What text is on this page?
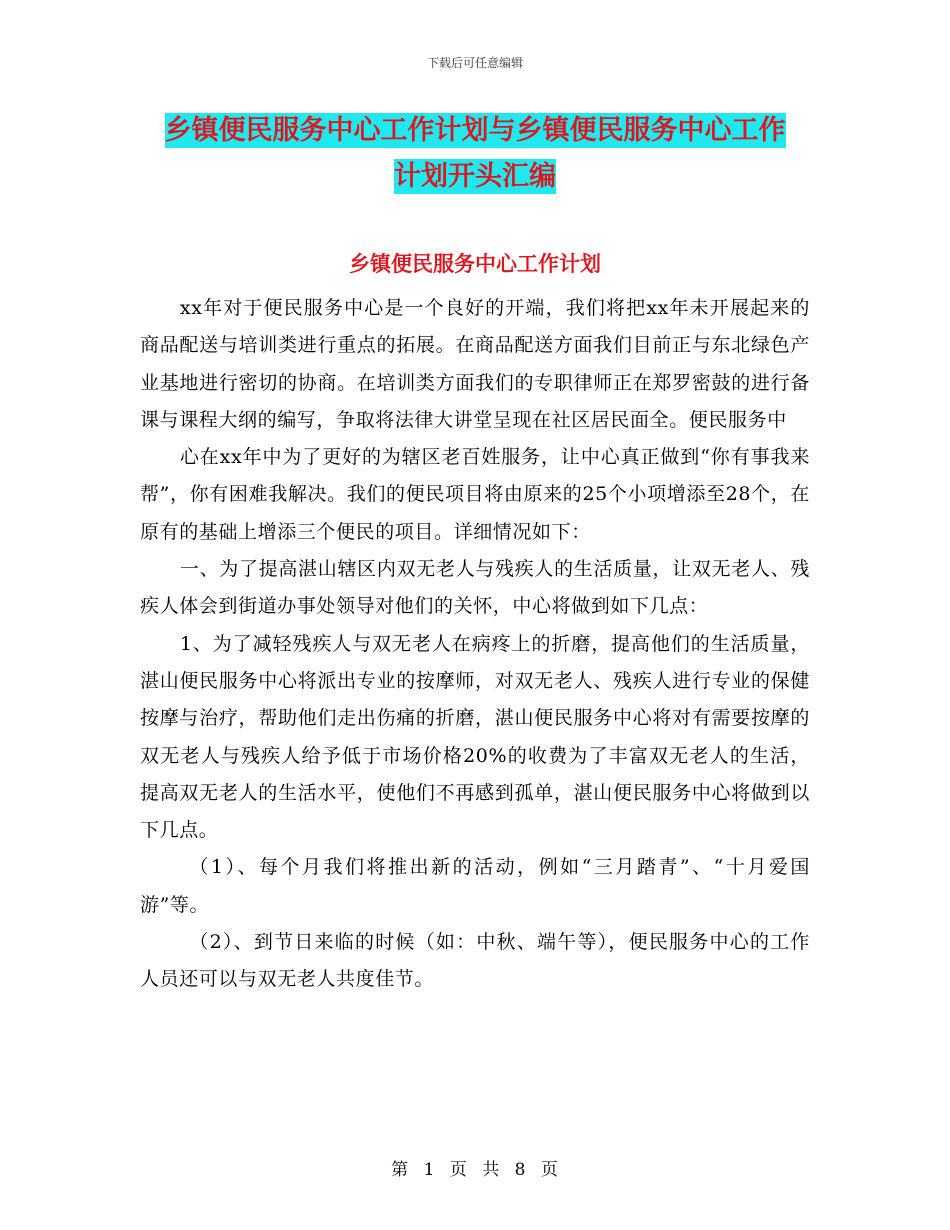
下载后可任意编辑
乡镇便民服务中心工作计划与乡镇便民服务中心工作
计划开头汇编
乡镇便民服务中心工作计划

xx年对于便民服务中心是一个良好的开端，我们将把xx年未开展起来的商品配送与培训类进行重点的拓展。在商品配送方面我们目前正与东北绿色产业基地进行密切的协商。在培训类方面我们的专职律师正在郑罗密鼓的进行备课与课程大纲的编写，争取将法律大讲堂呈现在社区居民面全。便民服务中

心在xx年中为了更好的为辖区老百姓服务，让中心真正做到“你有事我来帮”，你有困难我解决。我们的便民项目将由原来的25个小项增添至28个，在原有的基础上增添三个便民的项目。详细情况如下：

一、为了提高湛山辖区内双无老人与残疾人的生活质量，让双无老人、残疾人体会到街道办事处领导对他们的关怀，中心将做到如下几点：

1、为了减轻残疾人与双无老人在病疼上的折磨，提高他们的生活质量，湛山便民服务中心将派出专业的按摩师，对双无老人、残疾人进行专业的保健按摩与治疗，帮助他们走出伤痛的折磨，湛山便民服务中心将对有需要按摩的双无老人与残疾人给予低于市场价格20%的收费为了丰富双无老人的生活，提高双无老人的生活水平，使他们不再感到孤单，湛山便民服务中心将做到以下几点。

（1）、每个月我们将推出新的活动，例如“三月踏青”、“十月爱国游”等。

（2）、到节日来临的时候（如：中秋、端午等），便民服务中心的工作人员还可以与双无老人共度佳节。

第 1 页 共 8 页
